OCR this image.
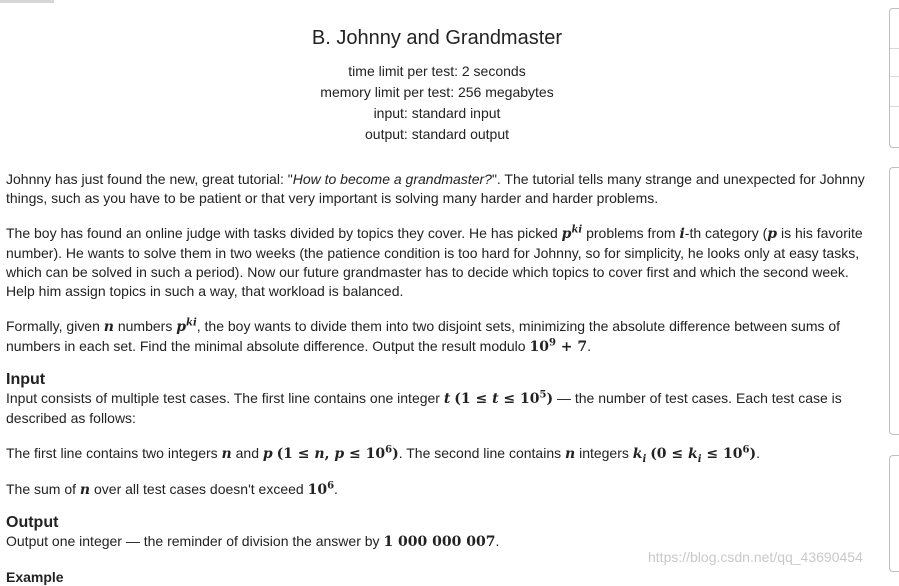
B. Johnny and Grandmaster
time limit per test: 2 seconds
memory limit per test: 256 megabytes
input: standard input
output: standard output

Johnny has just found the new, great tutorial: "How to become a grandmaster?". The tutorial tells many strange and unexpected for Johnny things, such as you have to be patient or that very important is solving many harder and harder problems.

The boy has found an online judge with tasks divided by topics they cover. He has picked $p^{ki}$ problems from i-th category (p is his favorite number). He wants to solve them in two weeks (the patience condition is too hard for Johnny, so for simplicity, he looks only at easy tasks, which can be solved in such a period). Now our future grandmaster has to decide which topics to cover first and which the second week. Help him assign topics in such a way, that workload is balanced.

Formally, given n numbers $p^{ki}$, the boy wants to divide them into two disjoint sets, minimizing the absolute difference between sums of numbers in each set. Find the minimal absolute difference. Output the result modulo $10^9 + 7$.

Input

Input consists of multiple test cases. The first line contains one integer t $(1 \le t \le 10^5)$ — the number of test cases. Each test case is described as follows:

The first line contains two integers n and p (1 ≤ n, $p \le 10^6$). The second line contains n integers $k_i$ $(0 \le k_i \le 10^6)$.

The sum of n over all test cases doesn't exceed $10^6$.

Output

Output one integer — the reminder of division the answer by 1 000 000 007.

Example
https://blog.csdn.net/qq_43690454
